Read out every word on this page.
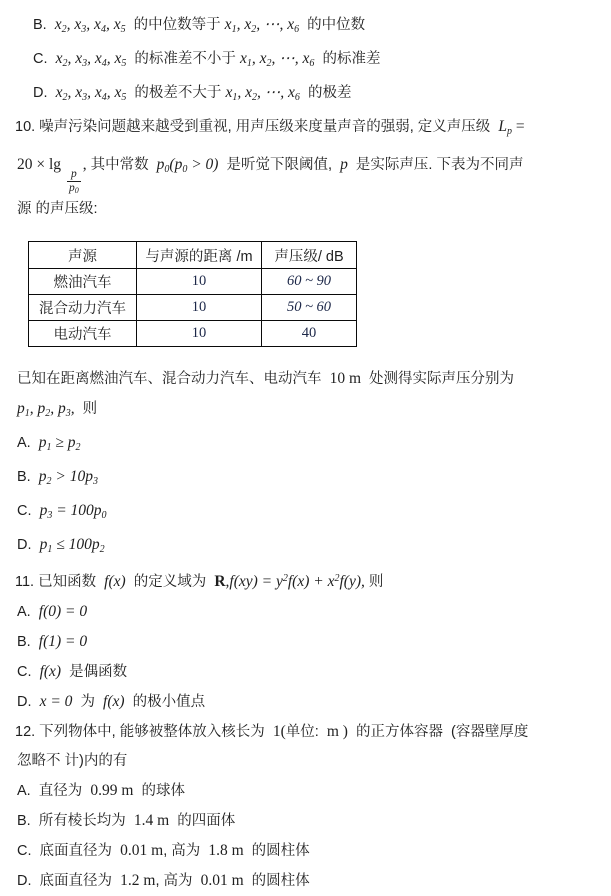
B.  $x_2$, $x_3$, $x_4$, $x_5$  的中位数等于 $x_1$, $x_2$, ⋯, $x_6$  的中位数
C.  $x_2$, $x_3$, $x_4$, $x_5$  的标准差不小于 $x_1$, $x_2$, ⋯, $x_6$  的标准差
D.  $x_2$, $x_3$, $x_4$, $x_5$  的极差不大于 $x_1$, $x_2$, ⋯, $x_6$  的极差
10. 噪声污染问题越来越受到重视, 用声压级来度量声音的强弱, 定义声压级  $L_p$ =
20 × lg
$\frac{p}{p_0}$
, 其中常数  $p_0(p_0 > 0)$  是听觉下限阈值,  p  是实际声压. 下表为不同声
源 的声压级:
声源	与声源的距离 /m	声压级/ dB
燃油汽车	10	60 ~ 90
混合动力汽车	10	50 ~ 60
电动汽车	10	40
已知在距离燃油汽车、混合动力汽车、电动汽车  10 m  处测得实际声压分别为
$p_1$, $p_2$, $p_3$,  则
A.  $p_1 \ge p_2$
B.  $p_2 > 10p_3$
C.  $p_3 = 100p_0$
D.  $p_1 \le 100p_2$
11. 已知函数  f(x)  的定义域为  $R,f(xy) = y^2f(x) + x^2f(y)$, 则
A.  f(0) = 0
B.  f(1) = 0
C.  f(x)  是偶函数
D.  x = 0  为  f(x)  的极小值点
12. 下列物体中, 能够被整体放入核长为  1(单位:  m )  的正方体容器  (容器壁厚度
忽略不 计)内的有
A.  直径为  0.99 m  的球体
B.  所有棱长均为  1.4 m  的四面体
C.  底面直径为  0.01 m, 高为  1.8 m  的圆柱体
D.  底面直径为  1.2 m, 高为  0.01 m  的圆柱体
